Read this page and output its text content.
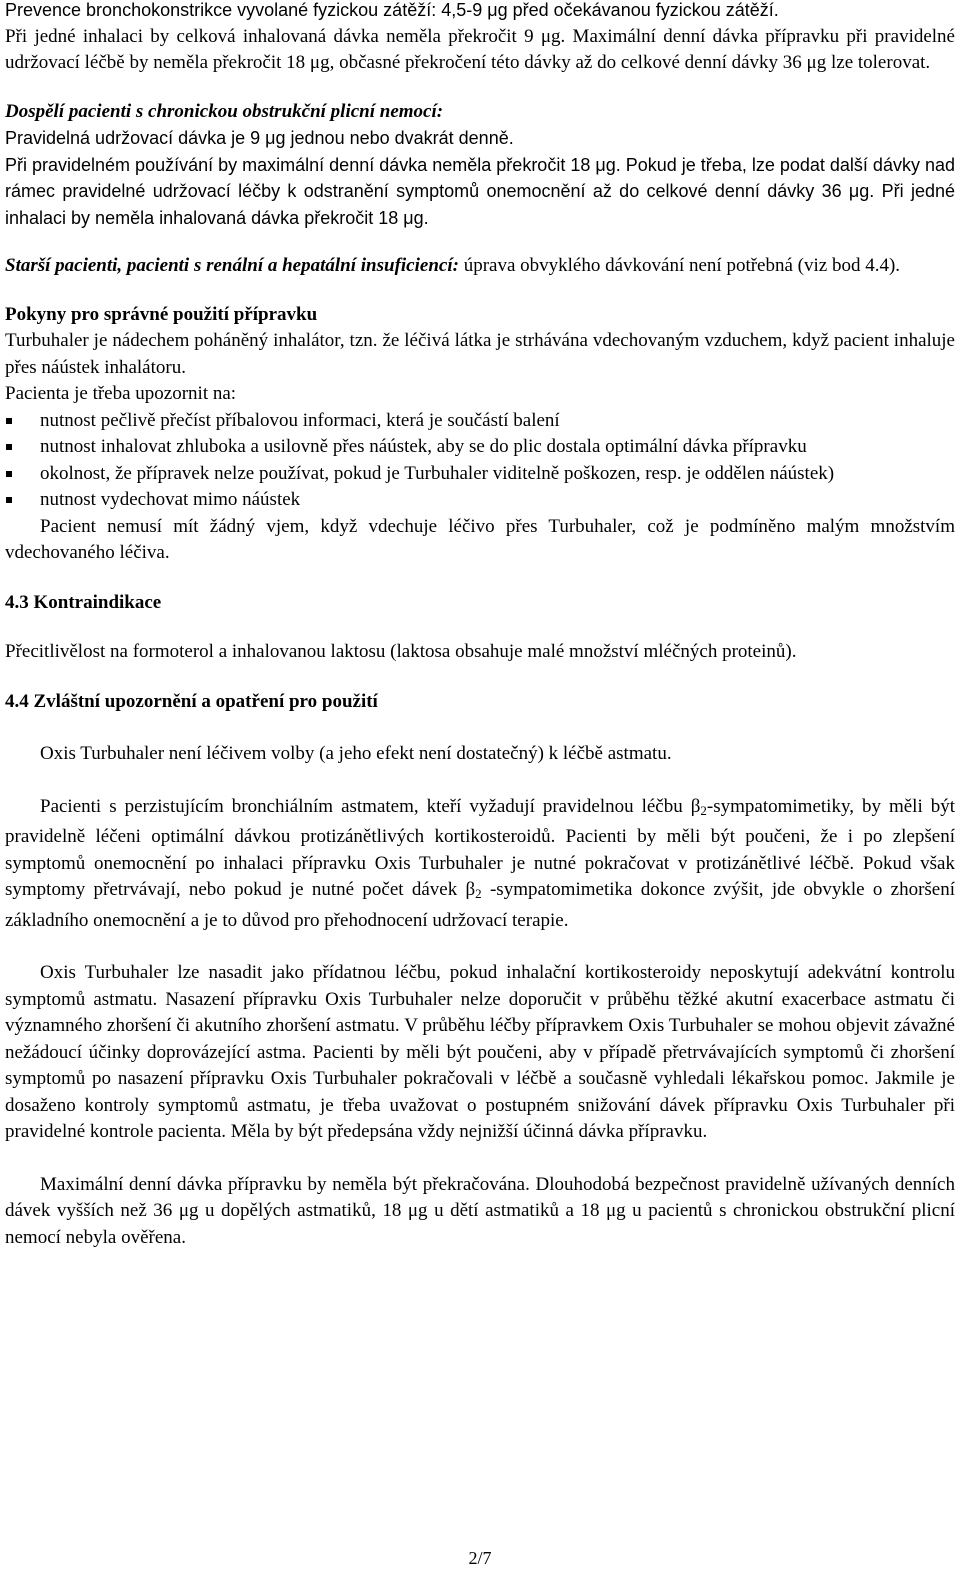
Prevence bronchokonstrikce vyvolané fyzickou zátěží: 4,5-9 μg před očekávanou fyzickou zátěží.

Při jedné inhalaci by celková inhalovaná dávka neměla překročit 9 μg. Maximální denní dávka přípravku při pravidelné udržovací léčbě by neměla překročit 18 μg, občasné překročení této dávky až do celkové denní dávky 36 μg lze tolerovat.

Dospělí pacienti s chronickou obstrukční plicní nemocí:

Pravidelná udržovací dávka je 9 μg jednou nebo dvakrát denně.

Při pravidelném používání by maximální denní dávka neměla překročit 18 μg. Pokud je třeba, lze podat další dávky nad rámec pravidelné udržovací léčby k odstranění symptomů onemocnění až do celkové denní dávky 36 μg. Při jedné inhalaci by neměla inhalovaná dávka překročit 18 μg.

Starší pacienti, pacienti s renální a hepatální insuficiencí: úprava obvyklého dávkování není potřebná (viz bod 4.4).

Pokyny pro správné použití přípravku

Turbuhaler je nádechem poháněný inhalátor, tzn. že léčivá látka je strhávána vdechovaným vzduchem, když pacient inhaluje přes náústek inhalátoru.

Pacienta je třeba upozornit na:

nutnost pečlivě přečíst příbalovou informaci, která je součástí balení
nutnost inhalovat zhluboka a usilovně přes náústek, aby se do plic dostala optimální dávka přípravku
okolnost, že přípravek nelze používat, pokud je Turbuhaler viditelně poškozen, resp. je oddělen náústek)
nutnost vydechovat mimo náústek

Pacient nemusí mít žádný vjem, když vdechuje léčivo přes Turbuhaler, což je podmíněno malým množstvím vdechovaného léčiva.

4.3 Kontraindikace

Přecitlivělost na formoterol a inhalovanou laktosu (laktosa obsahuje malé množství mléčných proteinů).

4.4 Zvláštní upozornění a opatření pro použití

Oxis Turbuhaler není léčivem volby (a jeho efekt není dostatečný) k léčbě astmatu.

Pacienti s perzistujícím bronchiálním astmatem, kteří vyžadují pravidelnou léčbu $\beta_2$-sympatomimetiky, by měli být pravidelně léčeni optimální dávkou protizánětlivých kortikosteroidů. Pacienti by měli být poučeni, že i po zlepšení symptomů onemocnění po inhalaci přípravku Oxis Turbuhaler je nutné pokračovat v protizánětlivé léčbě. Pokud však symptomy přetrvávají, nebo pokud je nutné počet dávek $\beta_2$ -sympatomimetika dokonce zvýšit, jde obvykle o zhoršení základního onemocnění a je to důvod pro přehodnocení udržovací terapie.

Oxis Turbuhaler lze nasadit jako přídatnou léčbu, pokud inhalační kortikosteroidy neposkytují adekvátní kontrolu symptomů astmatu. Nasazení přípravku Oxis Turbuhaler nelze doporučit v průběhu těžké akutní exacerbace astmatu či významného zhoršení či akutního zhoršení astmatu. V průběhu léčby přípravkem Oxis Turbuhaler se mohou objevit závažné nežádoucí účinky doprovázející astma. Pacienti by měli být poučeni, aby v případě přetrvávajících symptomů či zhoršení symptomů po nasazení přípravku Oxis Turbuhaler pokračovali v léčbě a současně vyhledali lékařskou pomoc. Jakmile je dosaženo kontroly symptomů astmatu, je třeba uvažovat o postupném snižování dávek přípravku Oxis Turbuhaler při pravidelné kontrole pacienta. Měla by být předepsána vždy nejnižší účinná dávka přípravku.

Maximální denní dávka přípravku by neměla být překračována. Dlouhodobá bezpečnost pravidelně užívaných denních dávek vyšších než 36 μg u dopělých astmatiků, 18 μg u dětí astmatiků a 18 μg u pacientů s chronickou obstrukční plicní nemocí nebyla ověřena.

2/7
